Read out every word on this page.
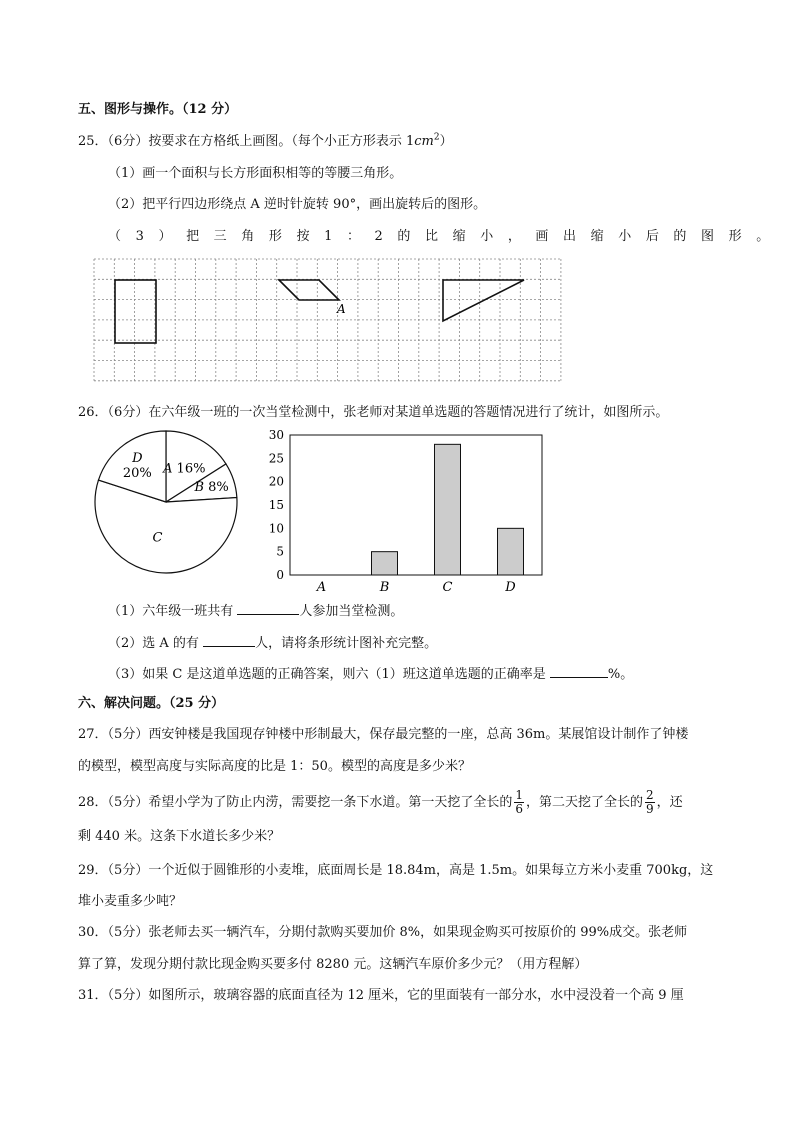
五、图形与操作。（12 分）
25．（6分）按要求在方格纸上画图。（每个小正方形表示 $1cm^2$）
（1）画一个面积与长方形面积相等的等腰三角形。
（2）把平行四边形绕点 A 逆时针旋转 90°，画出旋转后的图形。
（3）把三角形按1：2的比缩小，画出缩小后的图形。
A
26．（6分）在六年级一班的一次当堂检测中，张老师对某道单选题的答题情况进行了统计，如图所示。
A 16%
B 8%
C
D
20%
0
5
10
15
20
25
30
A	B	C	D
（1）六年级一班共有	人参加当堂检测。
（2）选 A 的有	人，请将条形统计图补充完整。
（3）如果 C 是这道单选题的正确答案，则六（1）班这道单选题的正确率是	%。
六、解决问题。（25 分）
27．（5分）西安钟楼是我国现存钟楼中形制最大，保存最完整的一座，总高 36m。某展馆设计制作了钟楼
的模型，模型高度与实际高度的比是 1：50。模型的高度是多少米？
28．（5分）希望小学为了防止内涝，需要挖一条下水道。第一天挖了全长的 $\frac{1}{6}$ ，第二天挖了全长的 $\frac{2}{9}$ ，还
剩 440 米。这条下水道长多少米？
29．（5分）一个近似于圆锥形的小麦堆，底面周长是 18.84m，高是 1.5m。如果每立方米小麦重 700kg，这
堆小麦重多少吨？
30．（5分）张老师去买一辆汽车，分期付款购买要加价 8%，如果现金购买可按原价的 99%成交。张老师
算了算，发现分期付款比现金购买要多付 8280 元。这辆汽车原价多少元？（用方程解）
31．（5分）如图所示，玻璃容器的底面直径为 12 厘米，它的里面装有一部分水，水中浸没着一个高 9 厘
